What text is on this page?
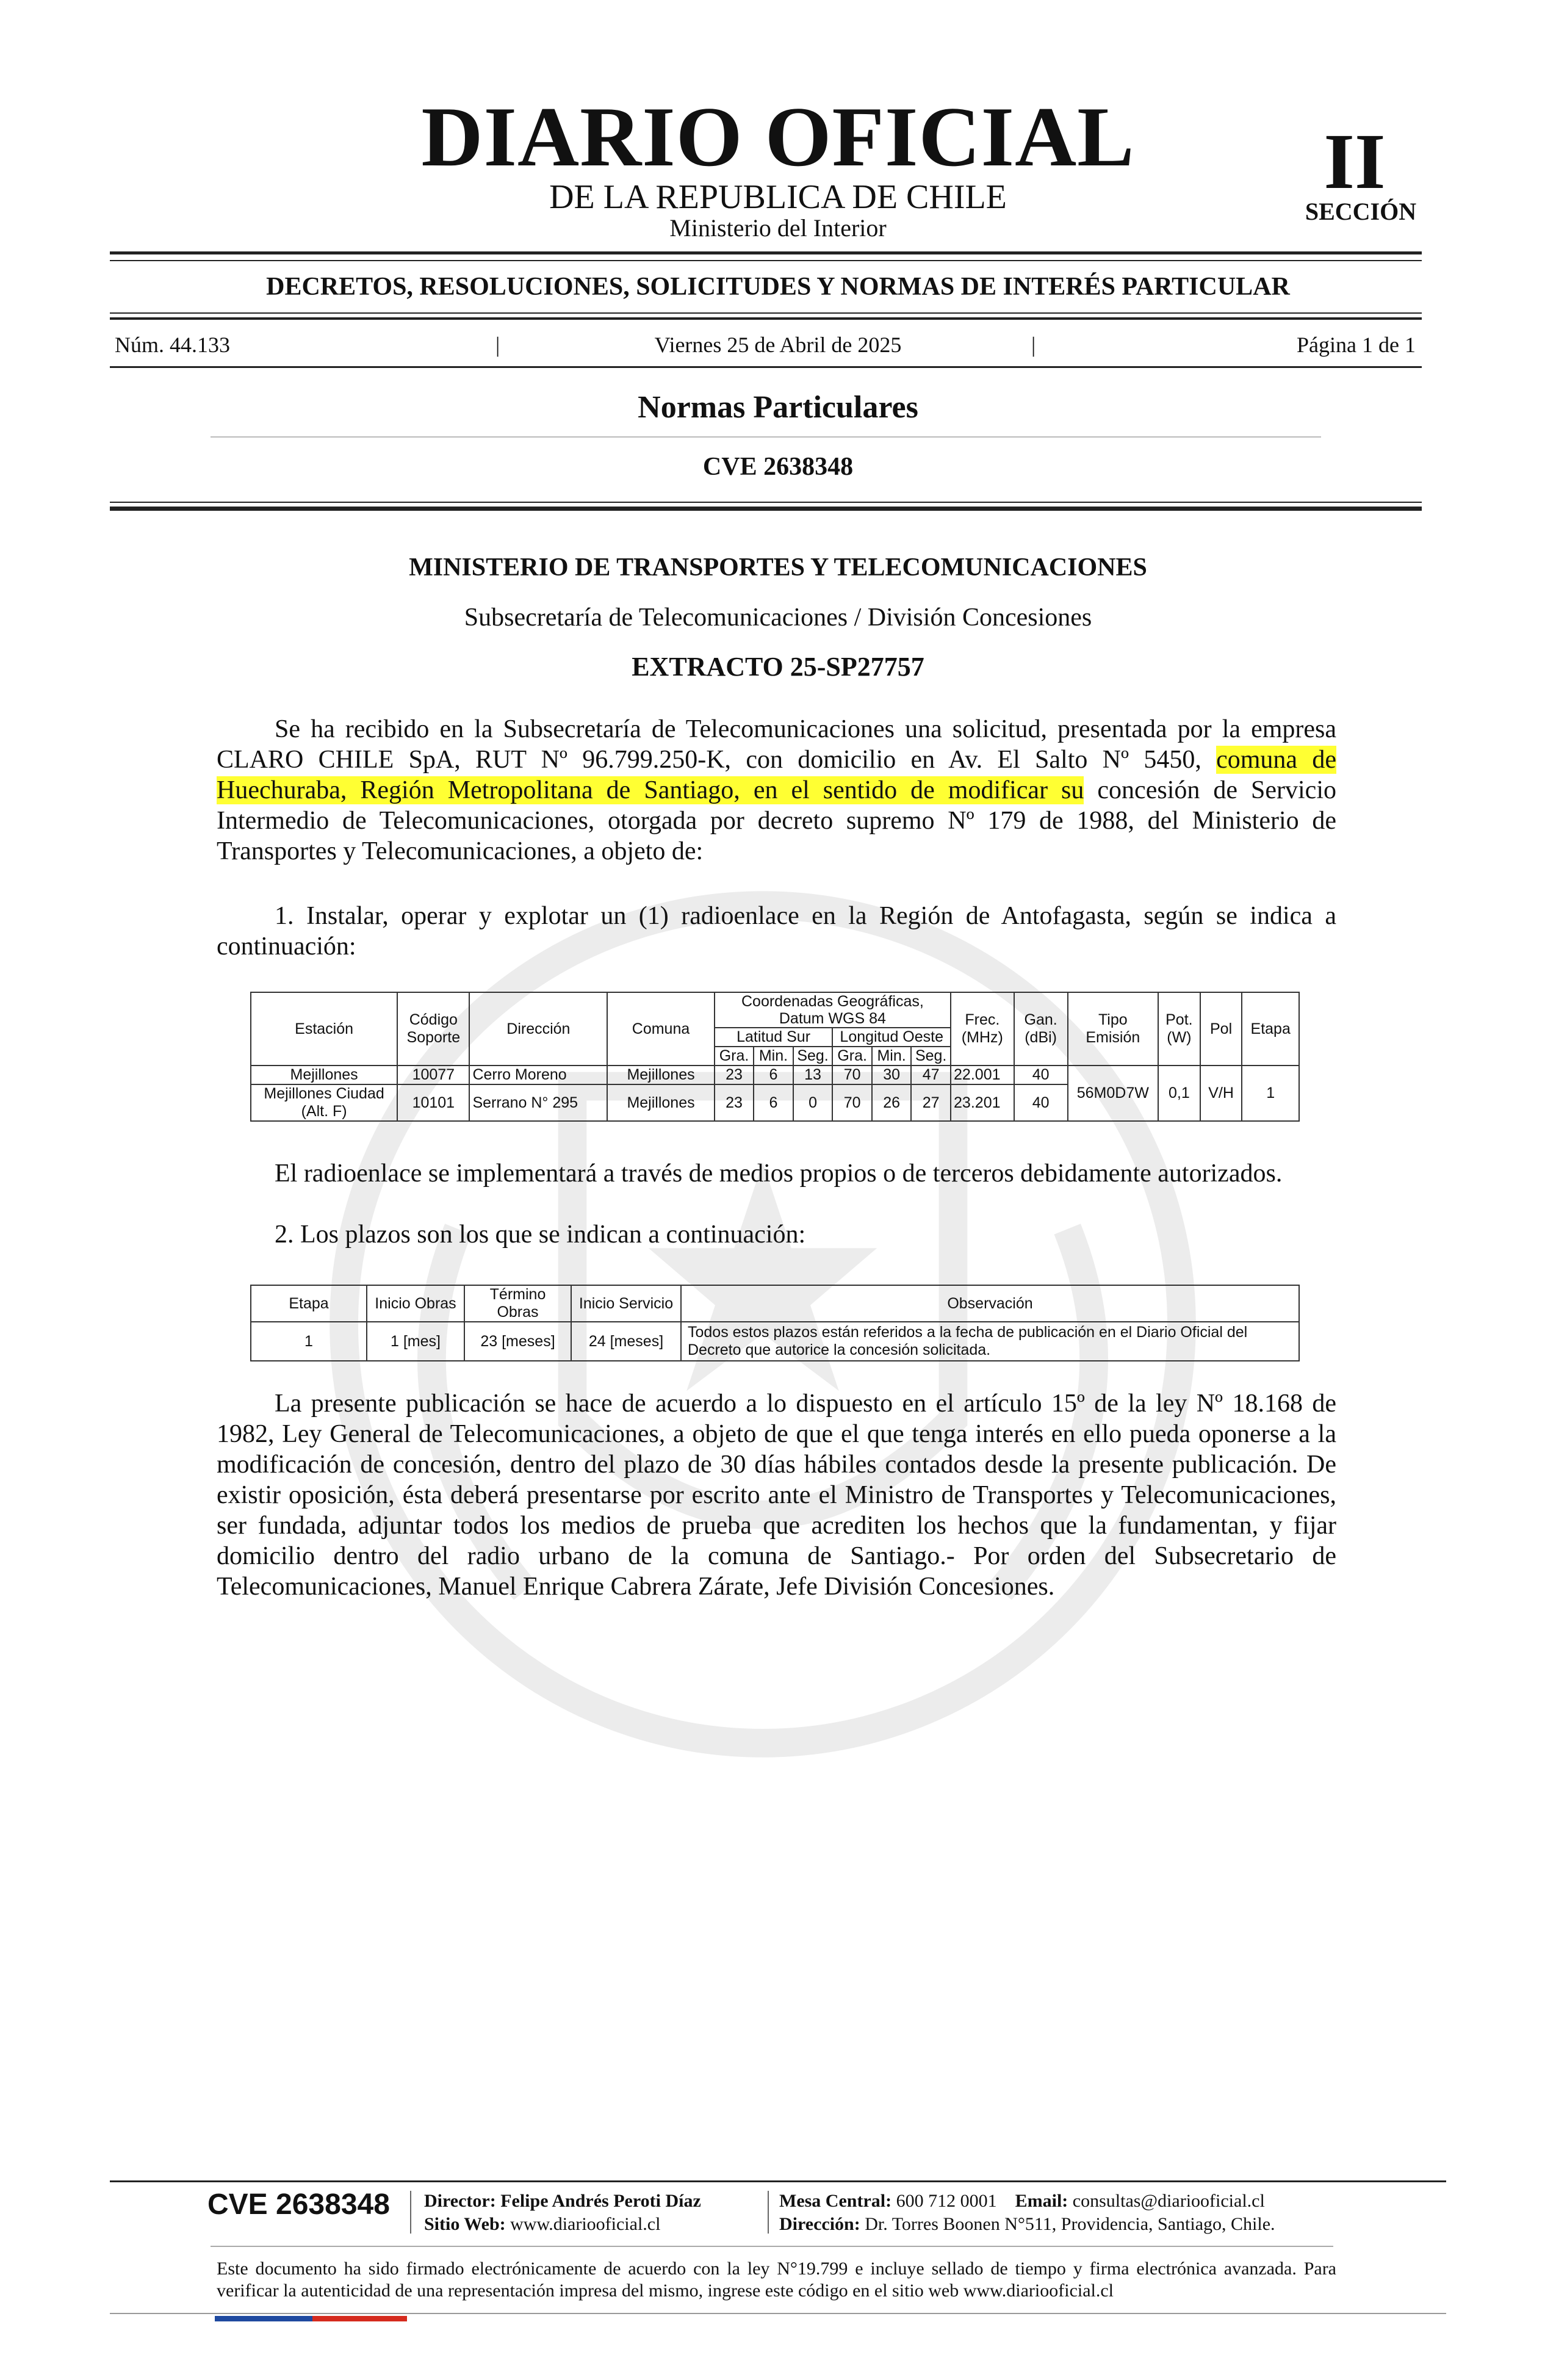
DIARIO OFICIAL
DE LA REPUBLICA DE CHILE
Ministerio del Interior
II
SECCIÓN
DECRETOS, RESOLUCIONES, SOLICITUDES Y NORMAS DE INTERÉS PARTICULAR
Núm. 44.133	|	Viernes 25 de Abril de 2025	|	Página 1 de 1
Normas Particulares
CVE 2638348
MINISTERIO DE TRANSPORTES Y TELECOMUNICACIONES
Subsecretaría de Telecomunicaciones / División Concesiones
EXTRACTO 25-SP27757

Se ha recibido en la Subsecretaría de Telecomunicaciones una solicitud, presentada por la empresa CLARO CHILE SpA, RUT Nº 96.799.250-K, con domicilio en Av. El Salto Nº 5450, comuna de Huechuraba, Región Metropolitana de Santiago, en el sentido de modificar su concesión de Servicio Intermedio de Telecomunicaciones, otorgada por decreto supremo Nº 179 de 1988, del Ministerio de Transportes y Telecomunicaciones, a objeto de:

1. Instalar, operar y explotar un (1) radioenlace en la Región de Antofagasta, según se indica a continuación:

Estación	Código Soporte	Dirección	Comuna	Coordenadas Geográficas, Datum WGS 84						Frec. (MHz)	Gan. (dBi)	Tipo Emisión	Pot. (W)	Pol	Etapa
				Latitud Sur			Longitud Oeste								
				Gra.	Min.	Seg.	Gra.	Min.	Seg.						
Mejillones	10077	Cerro Moreno	Mejillones	23	6	13	70	30	47	22.001	40	56M0D7W	0,1	V/H	1
Mejillones Ciudad (Alt. F)	10101	Serrano N° 295	Mejillones	23	6	0	70	26	27	23.201	40				

El radioenlace se implementará a través de medios propios o de terceros debidamente autorizados.

2. Los plazos son los que se indican a continuación:

Etapa	Inicio Obras	Término Obras	Inicio Servicio	Observación
1	1 [mes]	23 [meses]	24 [meses]	Todos estos plazos están referidos a la fecha de publicación en el Diario Oficial del Decreto que autorice la concesión solicitada.

La presente publicación se hace de acuerdo a lo dispuesto en el artículo 15º de la ley Nº 18.168 de 1982, Ley General de Telecomunicaciones, a objeto de que el que tenga interés en ello pueda oponerse a la modificación de concesión, dentro del plazo de 30 días hábiles contados desde la presente publicación. De existir oposición, ésta deberá presentarse por escrito ante el Ministro de Transportes y Telecomunicaciones, ser fundada, adjuntar todos los medios de prueba que acrediten los hechos que la fundamentan, y fijar domicilio dentro del radio urbano de la comuna de Santiago.- Por orden del Subsecretario de Telecomunicaciones, Manuel Enrique Cabrera Zárate, Jefe División Concesiones.

CVE 2638348 Director: Felipe Andrés Peroti Díaz
Sitio Web: www.diariooficial.cl
Mesa Central: 600 712 0001 Email: consultas@diariooficial.cl
Dirección: Dr. Torres Boonen N°511, Providencia, Santiago, Chile.

Este documento ha sido firmado electrónicamente de acuerdo con la ley N°19.799 e incluye sellado de tiempo y firma electrónica avanzada. Para verificar la autenticidad de una representación impresa del mismo, ingrese este código en el sitio web www.diariooficial.cl
